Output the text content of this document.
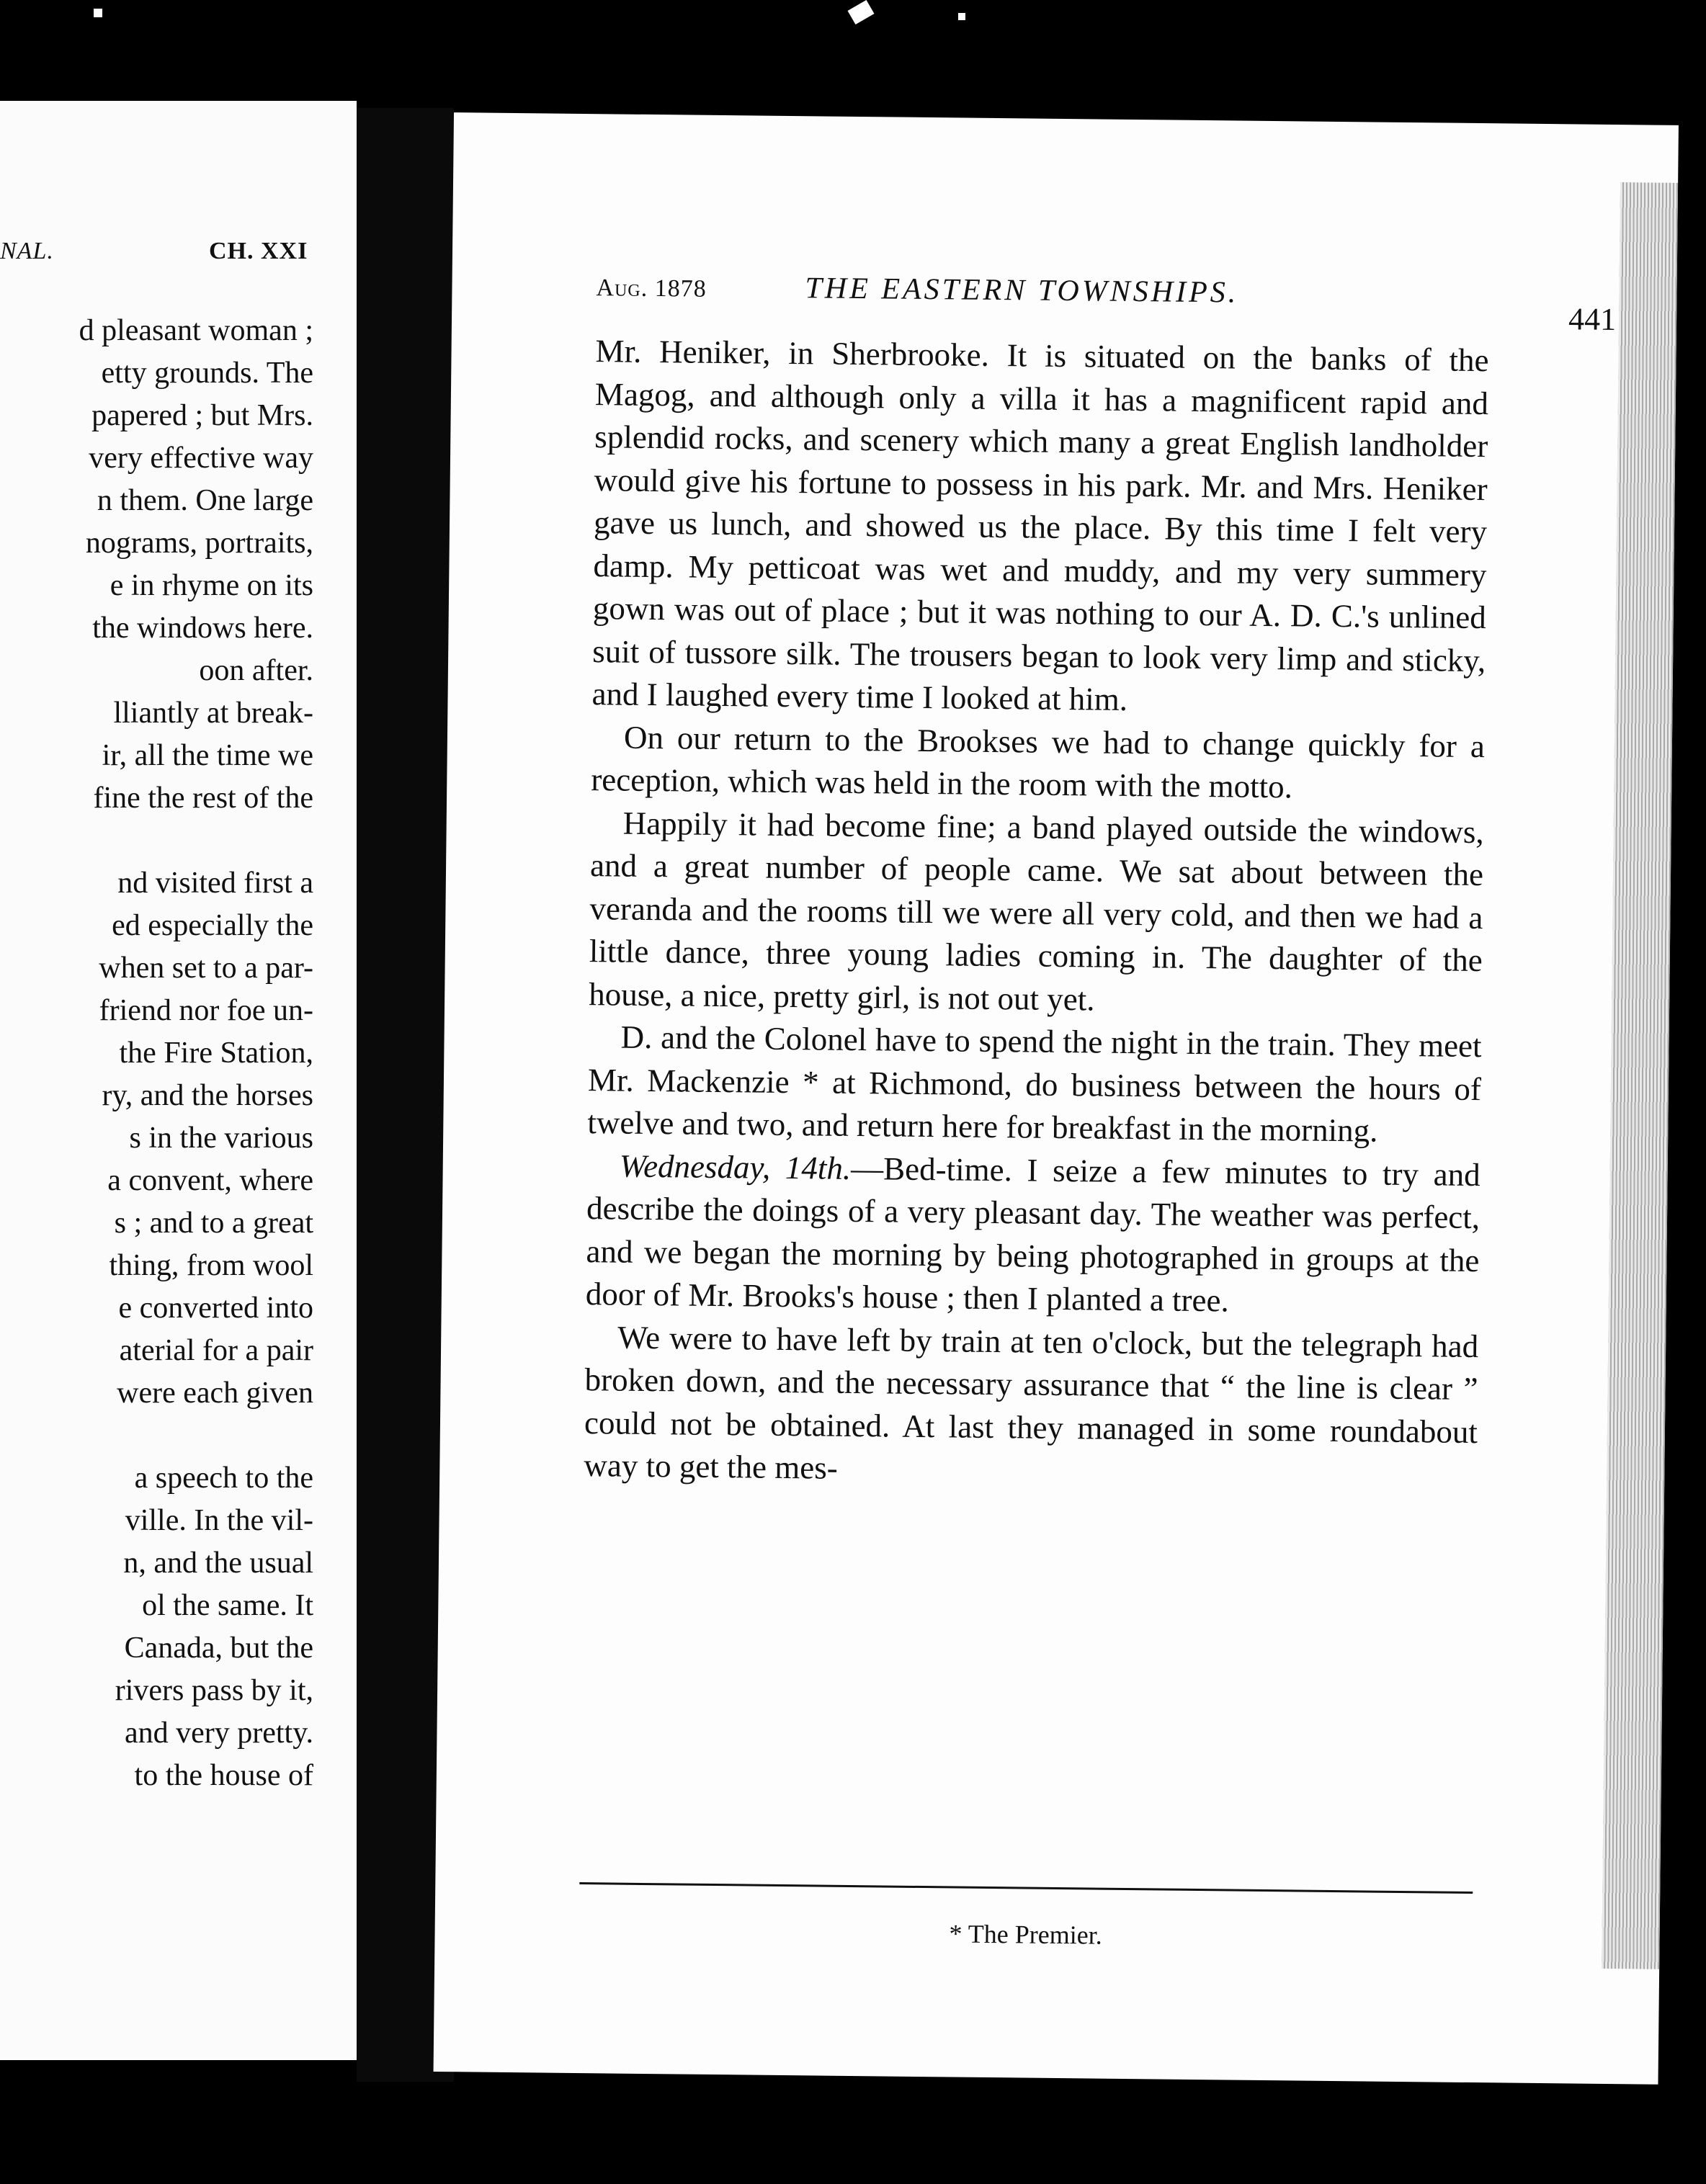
NAL.	CH. XXI
d pleasant woman ;
etty grounds. The
papered ; but Mrs.
very effective way
n them. One large
nograms, portraits,
e in rhyme on its
the windows here.
oon after.
lliantly at break-
ir, all the time we
fine the rest of the
nd visited first a
ed especially the
when set to a par-
friend nor foe un-
the Fire Station,
ry, and the horses
s in the various
a convent, where
s ; and to a great
thing, from wool
e converted into
aterial for a pair
were each given
a speech to the
ville. In the vil-
n, and the usual
ol the same. It
Canada, but the
rivers pass by it,
and very pretty.
to the house of
Aug. 1878	THE EASTERN TOWNSHIPS.
441

Mr. Heniker, in Sherbrooke. It is situated on the banks of the Magog, and although only a villa it has a magnificent rapid and splendid rocks, and scenery which many a great English landholder would give his fortune to possess in his park. Mr. and Mrs. Heniker gave us lunch, and showed us the place. By this time I felt very damp. My petticoat was wet and muddy, and my very summery gown was out of place ; but it was nothing to our A. D. C.'s unlined suit of tussore silk. The trousers began to look very limp and sticky, and I laughed every time I looked at him.

On our return to the Brookses we had to change quickly for a reception, which was held in the room with the motto.

Happily it had become fine; a band played outside the windows, and a great number of people came. We sat about between the veranda and the rooms till we were all very cold, and then we had a little dance, three young ladies coming in. The daughter of the house, a nice, pretty girl, is not out yet.

D. and the Colonel have to spend the night in the train. They meet Mr. Mackenzie * at Richmond, do business between the hours of twelve and two, and return here for breakfast in the morning.

Wednesday, 14th.—Bed-time. I seize a few minutes to try and describe the doings of a very pleasant day. The weather was perfect, and we began the morning by being photographed in groups at the door of Mr. Brooks's house ; then I planted a tree.

We were to have left by train at ten o'clock, but the telegraph had broken down, and the necessary assurance that “ the line is clear ” could not be obtained. At last they managed in some roundabout way to get the mes-

* The Premier.
